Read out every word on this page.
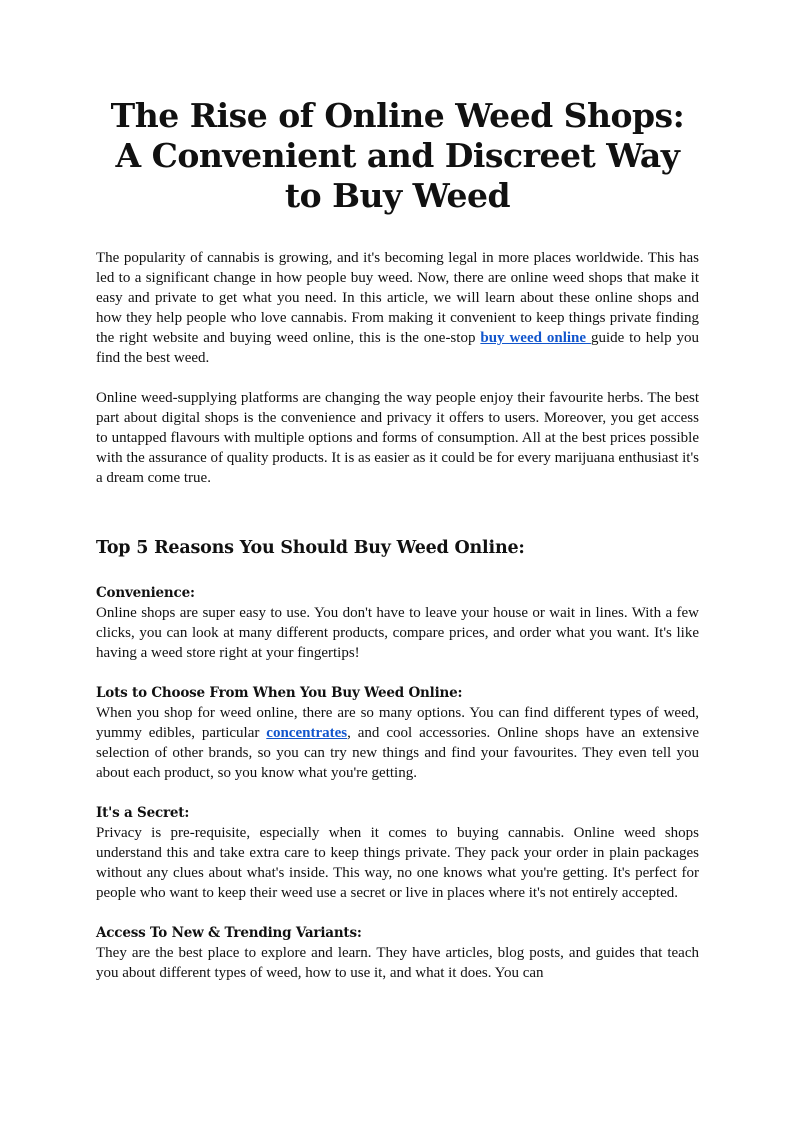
The Rise of Online Weed Shops: A Convenient and Discreet Way to Buy Weed

The popularity of cannabis is growing, and it's becoming legal in more places worldwide. This has led to a significant change in how people buy weed. Now, there are online weed shops that make it easy and private to get what you need. In this article, we will learn about these online shops and how they help people who love cannabis. From making it convenient to keep things private finding the right website and buying weed online, this is the one-stop buy weed online guide to help you find the best weed.

Online weed-supplying platforms are changing the way people enjoy their favourite herbs. The best part about digital shops is the convenience and privacy it offers to users. Moreover, you get access to untapped flavours with multiple options and forms of consumption. All at the best prices possible with the assurance of quality products. It is as easier as it could be for every marijuana enthusiast it's a dream come true.

Top 5 Reasons You Should Buy Weed Online:
Convenience:

Online shops are super easy to use. You don't have to leave your house or wait in lines. With a few clicks, you can look at many different products, compare prices, and order what you want. It's like having a weed store right at your fingertips!

Lots to Choose From When You Buy Weed Online:

When you shop for weed online, there are so many options. You can find different types of weed, yummy edibles, particular concentrates, and cool accessories. Online shops have an extensive selection of other brands, so you can try new things and find your favourites. They even tell you about each product, so you know what you're getting.

It's a Secret:

Privacy is pre-requisite, especially when it comes to buying cannabis. Online weed shops understand this and take extra care to keep things private. They pack your order in plain packages without any clues about what's inside. This way, no one knows what you're getting. It's perfect for people who want to keep their weed use a secret or live in places where it's not entirely accepted.

Access To New & Trending Variants:

They are the best place to explore and learn. They have articles, blog posts, and guides that teach you about different types of weed, how to use it, and what it does. You can
